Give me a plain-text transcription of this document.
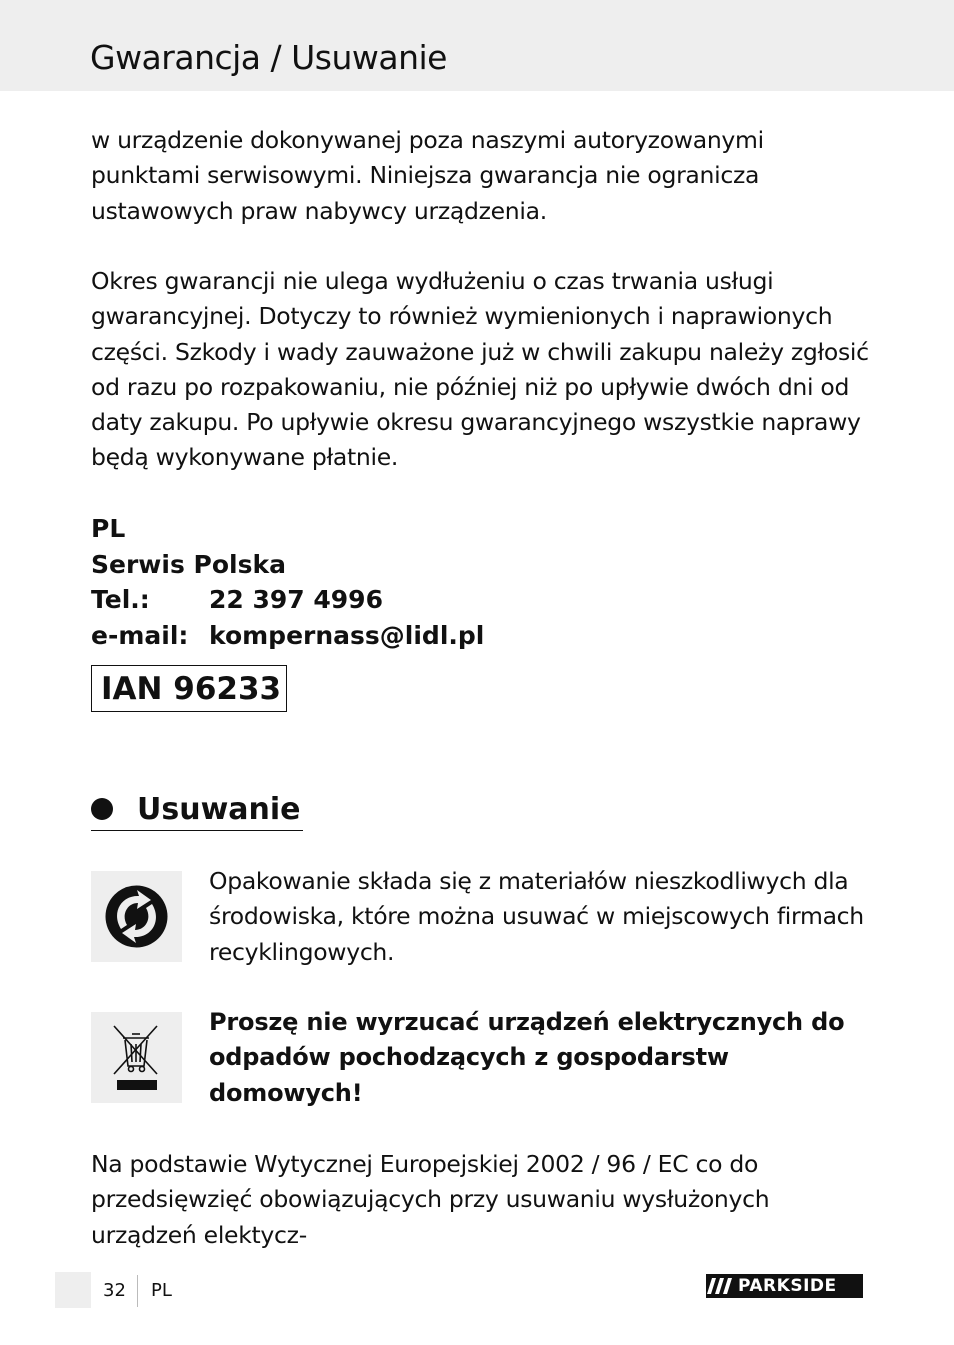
Gwarancja / Usuwanie

w urządzenie dokonywanej poza naszymi autoryzowanymi punktami serwisowymi. Niniejsza gwarancja nie ogranicza ustawowych praw nabywcy urządzenia.

Okres gwarancji nie ulega wydłużeniu o czas trwania usługi gwarancyjnej. Dotyczy to również wymienionych i naprawionych części. Szkody i wady zauważone już w chwili zakupu należy zgłosić od razu po rozpakowaniu, nie później niż po upływie dwóch dni od daty zakupu. Po upływie okresu gwarancyjnego wszystkie naprawy będą wykonywane płatnie.

PL
Serwis Polska
Tel.:	22 397 4996
e-mail: kompernass@lidl.pl
IAN 96233
Usuwanie

Opakowanie składa się z materiałów nieszkodliwych dla środowiska, które można usuwać w miejscowych firmach recyklingowych.

Proszę nie wyrzucać urządzeń elektrycznych do odpadów pochodzących z gospodarstw domowych!

Na podstawie Wytycznej Europejskiej 2002 / 96 / EC co do przedsięwzięć obowiązujących przy usuwaniu wysłużonych urządzeń elektycz-

32 PL	PARKSIDE
